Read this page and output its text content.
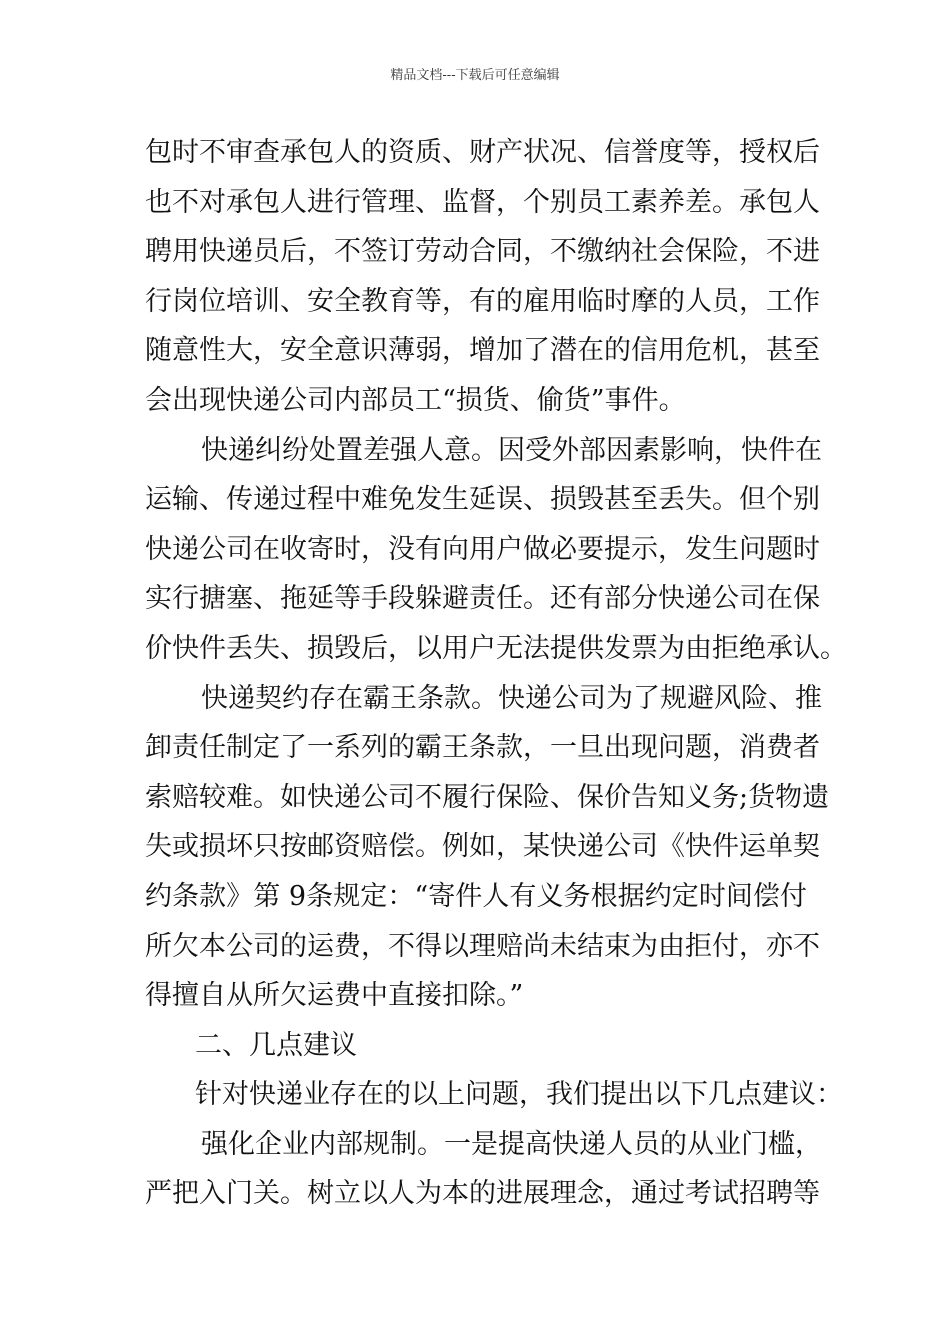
精品文档---下载后可任意编辑
包时不审查承包人的资质、财产状况、信誉度等，授权后
也不对承包人进行管理、监督，个别员工素养差。承包人
聘用快递员后，不签订劳动合同，不缴纳社会保险，不进
行岗位培训、安全教育等，有的雇用临时摩的人员，工作
随意性大，安全意识薄弱，增加了潜在的信用危机，甚至
会出现快递公司内部员工“损货、偷货”事件。
快递纠纷处置差强人意。因受外部因素影响，快件在
运输、传递过程中难免发生延误、损毁甚至丢失。但个别
快递公司在收寄时，没有向用户做必要提示，发生问题时
实行搪塞、拖延等手段躲避责任。还有部分快递公司在保
价快件丢失、损毁后，以用户无法提供发票为由拒绝承认。
快递契约存在霸王条款。快递公司为了规避风险、推
卸责任制定了一系列的霸王条款，一旦出现问题，消费者
索赔较难。如快递公司不履行保险、保价告知义务;货物遗
失或损坏只按邮资赔偿。例如，某快递公司《快件运单契
约条款》第 9条规定：“寄件人有义务根据约定时间偿付
所欠本公司的运费，不得以理赔尚未结束为由拒付，亦不
得擅自从所欠运费中直接扣除。”
二、几点建议
针对快递业存在的以上问题，我们提出以下几点建议：
强化企业内部规制。一是提高快递人员的从业门槛，
严把入门关。树立以人为本的进展理念，通过考试招聘等
